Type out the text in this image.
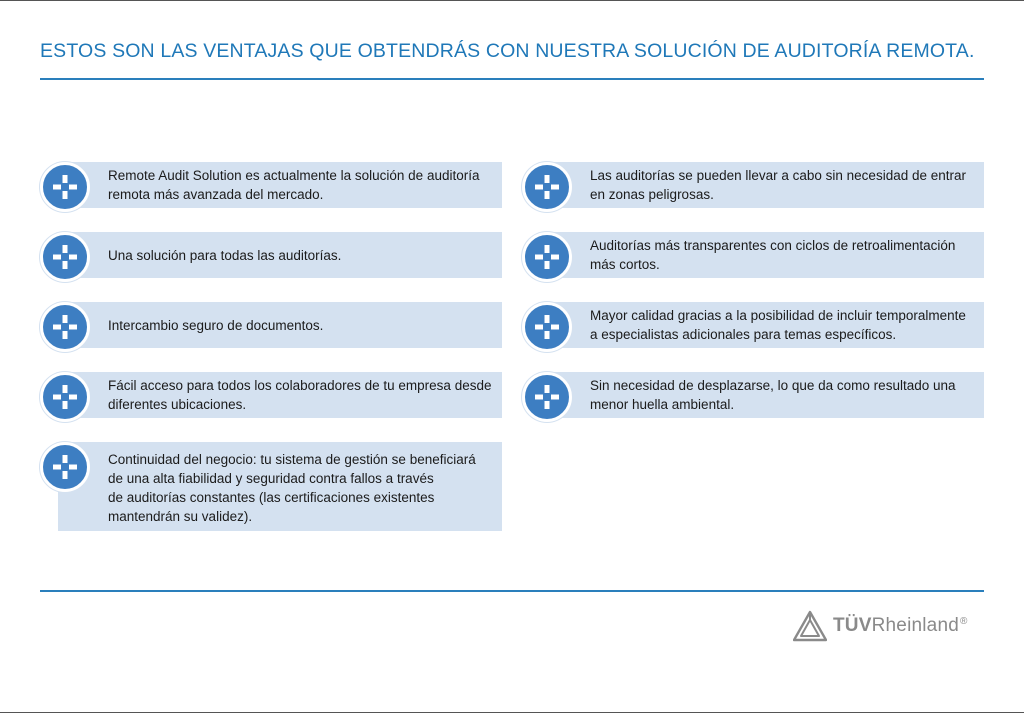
ESTOS SON LAS VENTAJAS QUE OBTENDRÁS CON NUESTRA SOLUCIÓN DE AUDITORÍA REMOTA.
Remote Audit Solution es actualmente la solución de auditoría
remota más avanzada del mercado.
Una solución para todas las auditorías.
Intercambio seguro de documentos.
Fácil acceso para todos los colaboradores de tu empresa desde
diferentes ubicaciones.
Continuidad del negocio: tu sistema de gestión se beneficiará
de una alta fiabilidad y seguridad contra fallos a través
de auditorías constantes (las certificaciones existentes
mantendrán su validez).
Las auditorías se pueden llevar a cabo sin necesidad de entrar
en zonas peligrosas.
Auditorías más transparentes con ciclos de retroalimentación
más cortos.
Mayor calidad gracias a la posibilidad de incluir temporalmente
a especialistas adicionales para temas específicos.
Sin necesidad de desplazarse, lo que da como resultado una
menor huella ambiental.
TÜVRheinland®
